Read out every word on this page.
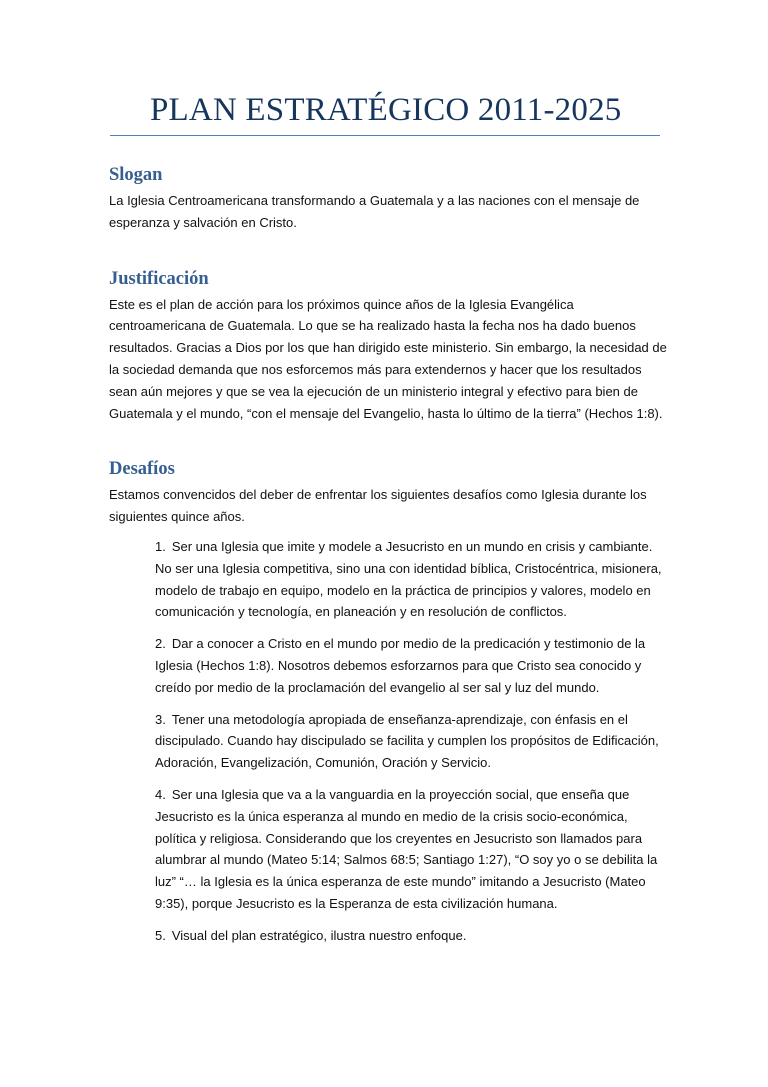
PLAN ESTRATÉGICO 2011-2025
Slogan

La Iglesia Centroamericana transformando a Guatemala y a las naciones con el mensaje de esperanza y salvación en Cristo.

Justificación

Este es el plan de acción para los próximos quince años de la Iglesia Evangélica centroamericana de Guatemala. Lo que se ha realizado hasta la fecha nos ha dado buenos resultados. Gracias a Dios por los que han dirigido este ministerio. Sin embargo, la necesidad de la sociedad demanda que nos esforcemos más para extendernos y hacer que los resultados sean aún mejores y que se vea la ejecución de un ministerio integral y efectivo para bien de Guatemala y el mundo, “con el mensaje del Evangelio, hasta lo último de la tierra” (Hechos 1:8).

Desafíos

Estamos convencidos del deber de enfrentar los siguientes desafíos como Iglesia durante los siguientes quince años.

1. Ser una Iglesia que imite y modele a Jesucristo en un mundo en crisis y cambiante. No ser una Iglesia competitiva, sino una con identidad bíblica, Cristocéntrica, misionera, modelo de trabajo en equipo, modelo en la práctica de principios y valores, modelo en comunicación y tecnología, en planeación y en resolución de conflictos.
2. Dar a conocer a Cristo en el mundo por medio de la predicación y testimonio de la Iglesia (Hechos 1:8). Nosotros debemos esforzarnos para que Cristo sea conocido y creído por medio de la proclamación del evangelio al ser sal y luz del mundo.
3. Tener una metodología apropiada de enseñanza-aprendizaje, con énfasis en el discipulado. Cuando hay discipulado se facilita y cumplen los propósitos de Edificación, Adoración, Evangelización, Comunión, Oración y Servicio.
4. Ser una Iglesia que va a la vanguardia en la proyección social, que enseña que Jesucristo es la única esperanza al mundo en medio de la crisis socio-económica, política y religiosa. Considerando que los creyentes en Jesucristo son llamados para alumbrar al mundo (Mateo 5:14; Salmos 68:5; Santiago 1:27), “O soy yo o se debilita la luz” “… la Iglesia es la única esperanza de este mundo” imitando a Jesucristo (Mateo 9:35), porque Jesucristo es la Esperanza de esta civilización humana.
5. Visual del plan estratégico, ilustra nuestro enfoque.
